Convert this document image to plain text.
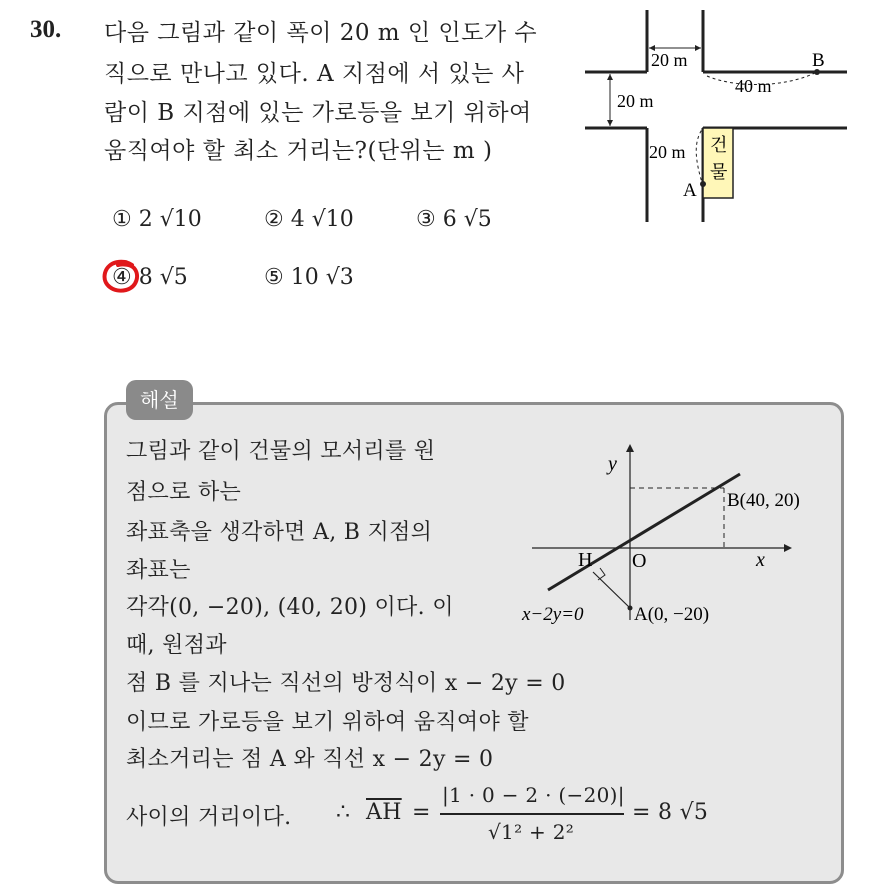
30. 다음 그림과 같이 폭이 20 m 인 인도가 수
직으로 만나고 있다. A 지점에 서 있는 사
람이 B 지점에 있는 가로등을 보기 위하여
움직여야 할 최소 거리는?(단위는 m )
① 2 √10	② 4 √10	③ 6 √5
④ 8 √5	⑤ 10 √3
건
물
20 m
20 m
20 m
40 m
B
A
해설
그림과 같이 건물의 모서리를 원
점으로 하는
좌표축을 생각하면 A, B 지점의
좌표는
각각(0, −20), (40, 20) 이다. 이
때, 원점과
점 B 를 지나는 직선의 방정식이 x − 2y = 0
이므로 가로등을 보기 위하여 움직여야 할
최소거리는 점 A 와 직선 x − 2y = 0
사이의 거리이다. ∴ $\overline{AH}$ =
|1 · 0 − 2 · (−20)|
√1² + 2²
= 8 √5
y
x
O
B(40, 20)
A(0, −20)
H
x−2y=0
